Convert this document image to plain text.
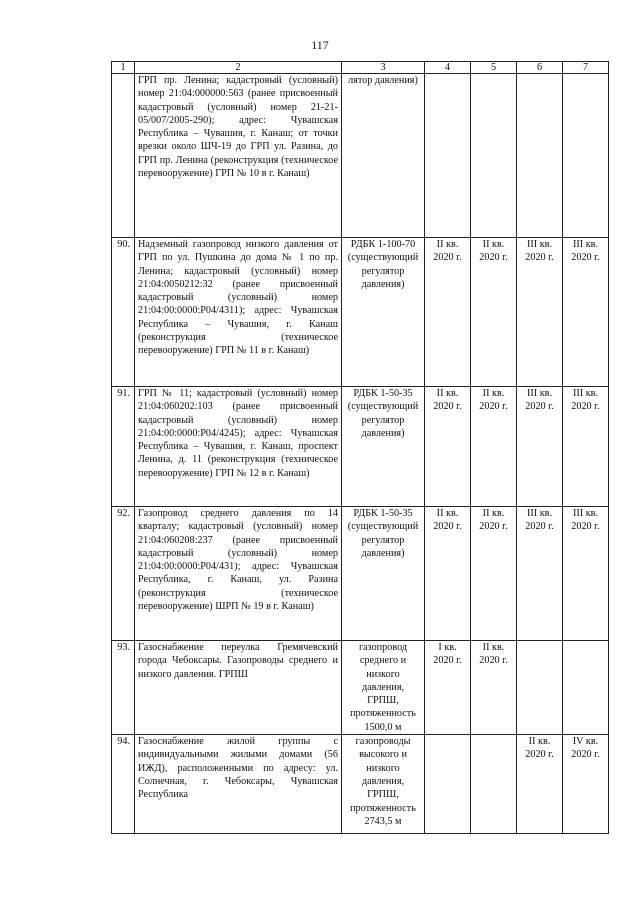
117
1	2	3	4	5	6	7
	ГРП пр. Ленина; кадастровый (условный) номер 21:04:000000:563 (ранее присвоенный кадастровый (условный) номер 21-21-05/007/2005-290); адрес: Чувашская Республика – Чувашия, г. Канаш; от точки врезки около ШЧ-19 до ГРП ул. Разина, до ГРП пр. Ленина (реконструкция (техническое перевооружение) ГРП № 10 в г. Канаш)	лятор давления)				
90.	Надземный газопровод низкого давления от ГРП по ул. Пушкина до дома № 1 по пр. Ленина; кадастровый (условный) номер 21:04:0050212:32 (ранее присвоенный кадастровый (условный) номер 21:04:00:0000:Р04/4311); адрес: Чувашская Республика – Чувашия, г. Канаш (реконструкция (техническое перевооружение) ГРП № 11 в г. Канаш)	РДБК 1-100-70 (существующий регулятор давления)	II кв. 2020 г.	II кв. 2020 г.	III кв. 2020 г.	III кв. 2020 г.
91.	ГРП № 11; кадастровый (условный) номер 21:04:060202:103 (ранее присвоенный кадастровый (условный) номер 21:04:00:0000:Р04/4245); адрес: Чувашская Республика – Чувашия, г. Канаш, проспект Ленина, д. 11 (реконструкция (техническое перевооружение) ГРП № 12 в г. Канаш)	РДБК 1-50-35 (существующий регулятор давления)	II кв. 2020 г.	II кв. 2020 г.	III кв. 2020 г.	III кв. 2020 г.
92.	Газопровод среднего давления по 14 кварталу; кадастровый (условный) номер 21:04:060208:237 (ранее присвоенный кадастровый (условный) номер 21:04:00:0000:Р04/431); адрес: Чувашская Республика, г. Канаш, ул. Разина (реконструкция (техническое перевооружение) ШРП № 19 в г. Канаш)	РДБК 1-50-35 (существующий регулятор давления)	II кв. 2020 г.	II кв. 2020 г.	III кв. 2020 г.	III кв. 2020 г.
93.	Газоснабжение переулка Гремячевский города Чебоксары. Газопроводы среднего и низкого давления. ГРПШ	газопровод среднего и низкого давления, ГРПШ, протяженность 1500,0 м	I кв. 2020 г.	II кв. 2020 г.		
94.	Газоснабжение жилой группы с индивидуальными жилыми домами (56 ИЖД), расположенными по адресу: ул. Солнечная, г. Чебоксары, Чувашская Республика	газопроводы высокого и низкого давления, ГРПШ, протяженность 2743,5 м			II кв. 2020 г.	IV кв. 2020 г.
